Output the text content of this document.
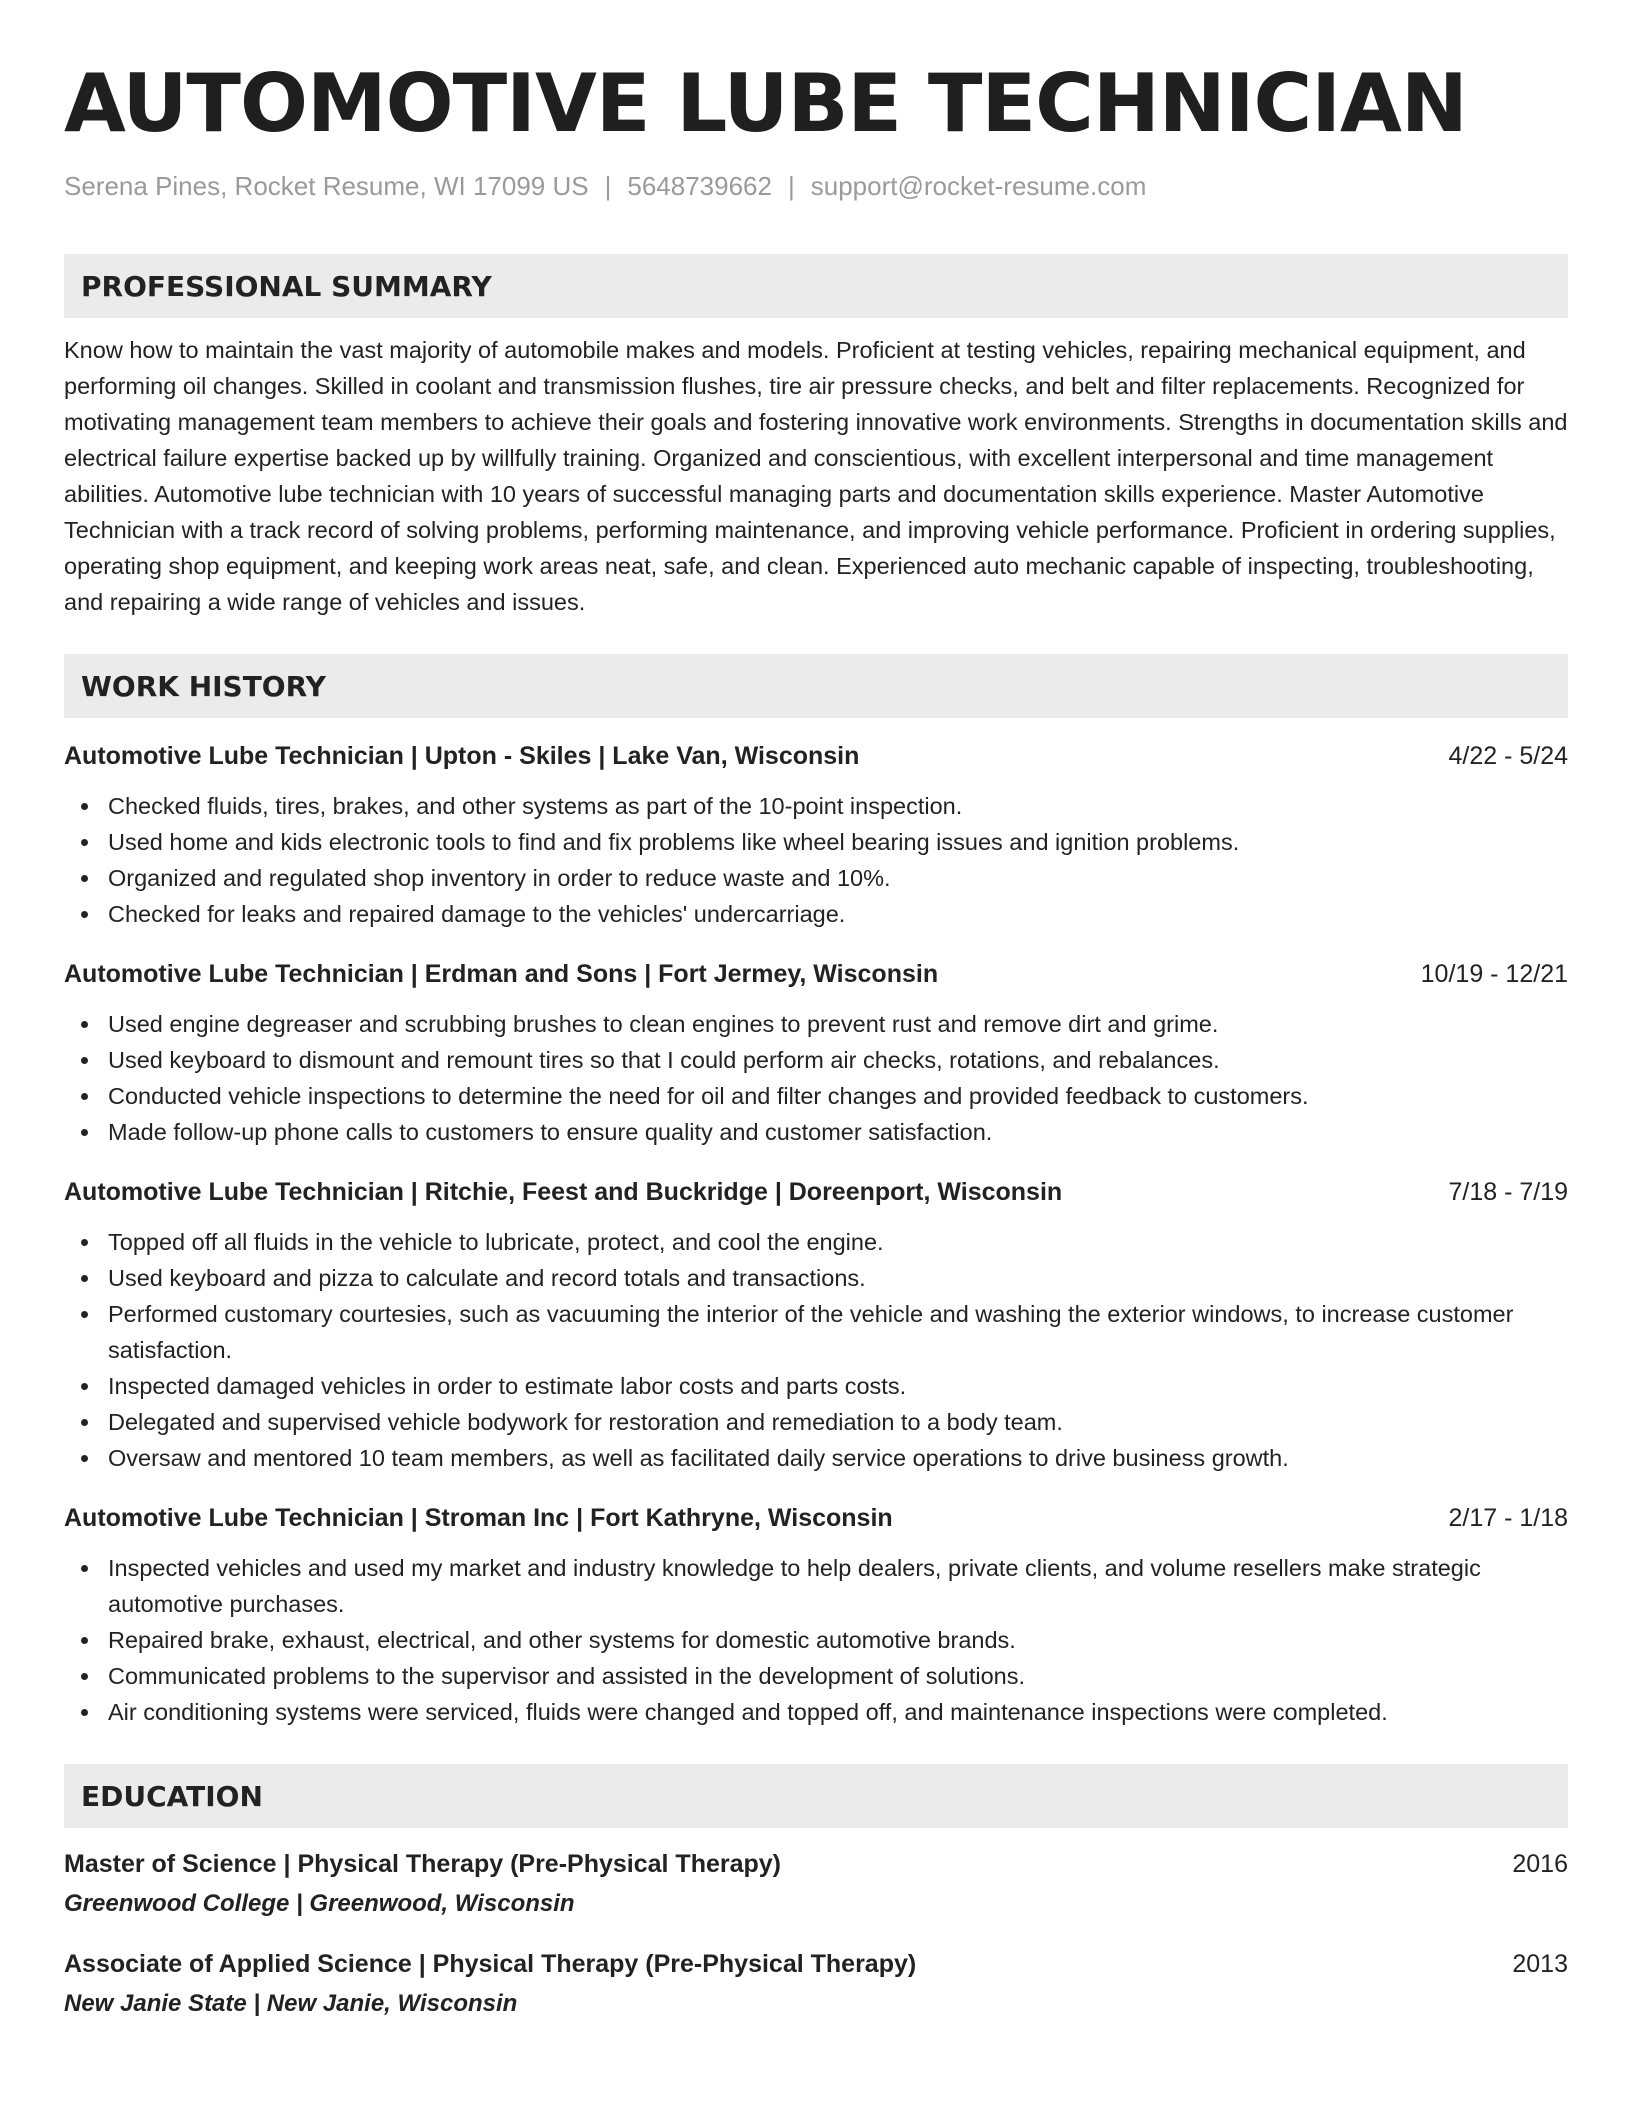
AUTOMOTIVE LUBE TECHNICIAN
Serena Pines, Rocket Resume, WI 17099 US | 5648739662 | support@rocket-resume.com
PROFESSIONAL SUMMARY
Know how to maintain the vast majority of automobile makes and models. Proficient at testing vehicles, repairing mechanical equipment, and performing oil changes. Skilled in coolant and transmission flushes, tire air pressure checks, and belt and filter replacements. Recognized for motivating management team members to achieve their goals and fostering innovative work environments. Strengths in documentation skills and electrical failure expertise backed up by willfully training. Organized and conscientious, with excellent interpersonal and time management abilities. Automotive lube technician with 10 years of successful managing parts and documentation skills experience. Master Automotive Technician with a track record of solving problems, performing maintenance, and improving vehicle performance. Proficient in ordering supplies, operating shop equipment, and keeping work areas neat, safe, and clean. Experienced auto mechanic capable of inspecting, troubleshooting, and repairing a wide range of vehicles and issues.
WORK HISTORY
Automotive Lube Technician | Upton - Skiles | Lake Van, Wisconsin	4/22 - 5/24
Checked fluids, tires, brakes, and other systems as part of the 10-point inspection.
Used home and kids electronic tools to find and fix problems like wheel bearing issues and ignition problems.
Organized and regulated shop inventory in order to reduce waste and 10%.
Checked for leaks and repaired damage to the vehicles' undercarriage.
Automotive Lube Technician | Erdman and Sons | Fort Jermey, Wisconsin	10/19 - 12/21
Used engine degreaser and scrubbing brushes to clean engines to prevent rust and remove dirt and grime.
Used keyboard to dismount and remount tires so that I could perform air checks, rotations, and rebalances.
Conducted vehicle inspections to determine the need for oil and filter changes and provided feedback to customers.
Made follow-up phone calls to customers to ensure quality and customer satisfaction.
Automotive Lube Technician | Ritchie, Feest and Buckridge | Doreenport, Wisconsin	7/18 - 7/19
Topped off all fluids in the vehicle to lubricate, protect, and cool the engine.
Used keyboard and pizza to calculate and record totals and transactions.
Performed customary courtesies, such as vacuuming the interior of the vehicle and washing the exterior windows, to increase customer satisfaction.
Inspected damaged vehicles in order to estimate labor costs and parts costs.
Delegated and supervised vehicle bodywork for restoration and remediation to a body team.
Oversaw and mentored 10 team members, as well as facilitated daily service operations to drive business growth.
Automotive Lube Technician | Stroman Inc | Fort Kathryne, Wisconsin	2/17 - 1/18
Inspected vehicles and used my market and industry knowledge to help dealers, private clients, and volume resellers make strategic automotive purchases.
Repaired brake, exhaust, electrical, and other systems for domestic automotive brands.
Communicated problems to the supervisor and assisted in the development of solutions.
Air conditioning systems were serviced, fluids were changed and topped off, and maintenance inspections were completed.
EDUCATION
Master of Science | Physical Therapy (Pre-Physical Therapy)	2016
Greenwood College | Greenwood, Wisconsin
Associate of Applied Science | Physical Therapy (Pre-Physical Therapy)	2013
New Janie State | New Janie, Wisconsin
